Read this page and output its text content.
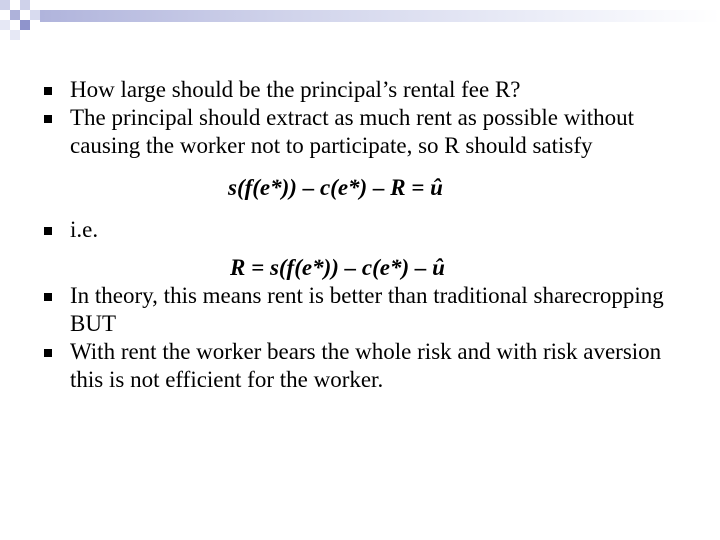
How large should be the principal’s rental fee R?
The principal should extract as much rent as possible without causing the worker not to participate, so R should satisfy
s(f(e*)) – c(e*) – R = û
i.e.
R = s(f(e*)) – c(e*) – û
In theory, this means rent is better than traditional sharecropping BUT
With rent the worker bears the whole risk and with risk aversion this is not efficient for the worker.
